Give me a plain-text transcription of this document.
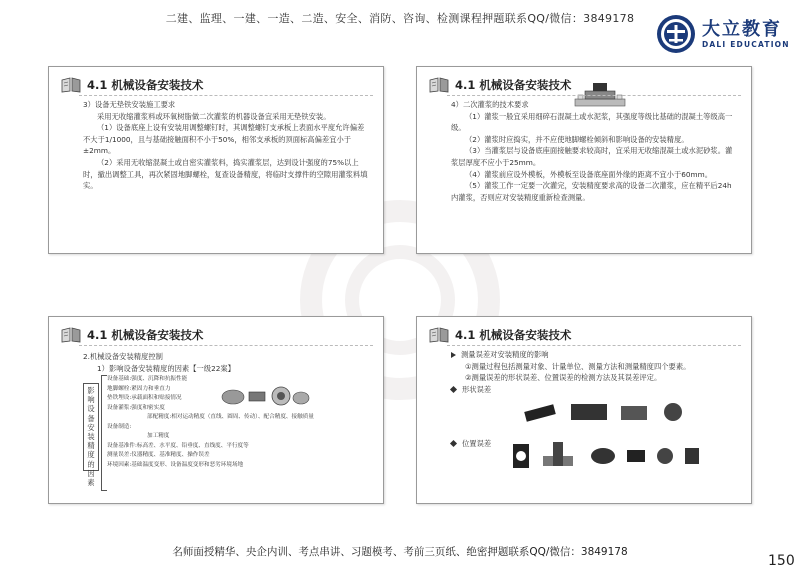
二建、监理、一建、一造、二造、安全、消防、咨询、检测课程押题联系QQ/微信：3849178	大立教育
DALI EDUCATION
4.1 机械设备安装技术

3）设备无垫铁安装施工要求

采用无收缩灌浆料或环氧树脂做二次灌浆的机器设备宜采用无垫铁安装。

（1）设备底座上设有安装用调整螺钉时，其调整螺钉支承板上表面水平度允许偏差不大于1/1000，且与基础接触面积不小于50%，相邻支承板的顶面标高偏差宜小于±2mm。

（2）采用无收缩混凝土或自密实灌浆料，捣实灌浆层，达到设计强度的75%以上时，撤出调整工具，再次紧固地脚螺栓，复查设备精度，将临时支撑件的空隙用灌浆料填实。

4.1 机械设备安装技术

4）二次灌浆的技术要求

（1）灌浆一般宜采用细碎石混凝土或水泥浆，其强度等级比基础的混凝土等级高一级。

（2）灌浆时应捣实，并不应使地脚螺栓倾斜和影响设备的安装精度。

（3）当灌浆层与设备底座面接触要求较高时，宜采用无收缩混凝土或水泥砂浆。灌浆层厚度不应小于25mm。

（4）灌浆前应设外模板，外模板至设备底座面外缘的距离不宜小于60mm。

（5）灌浆工作一定要一次灌完，安装精度要求高的设备二次灌浆，应在精平后24h内灌浆，否则应对安装精度重新检查测量。

4.1 机械设备安装技术

2.机械设备安装精度控制

1）影响设备安装精度的因素【一级22案】

影响设备安装精度的因素
设备基础:强度、沉降和抗振性能
地脚螺栓:紧固力和垂直力
垫铁埋设:承载面积和贴接情况
设备灌浆:强度和密实度
部配精度:相对运动精度（直线、圆周、传动）、配合精度、接触质量
设备制造:
加工精度
设备基准件:标高差、水平度、铅垂度、直线度、平行度等
测量误差:仪器精度、基准精度、操作误差
环境因素:基础温度变形、设备温度变形和恶劣环境场地
4.1 机械设备安装技术
测量误差对安装精度的影响

①测量过程包括测量对象、计量单位、测量方法和测量精度四个要素。

②测量误差的形状误差、位置误差的检测方法及其误差评定。

形状误差
位置误差
名师面授精华、央企内训、考点串讲、习题模考、考前三页纸、绝密押题联系QQ/微信：3849178
150
